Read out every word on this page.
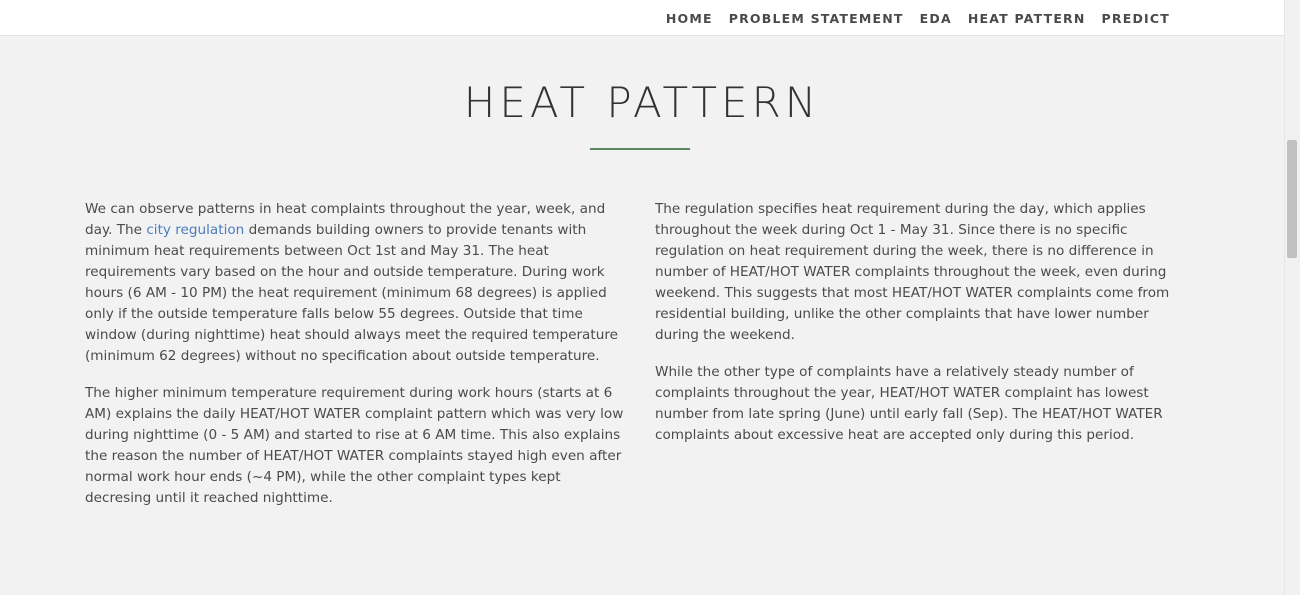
HOME PROBLEM STATEMENT EDA HEAT PATTERN PREDICT
HEAT PATTERN

We can observe patterns in heat complaints throughout the year, week, and day. The city regulation demands building owners to provide tenants with minimum heat requirements between Oct 1st and May 31. The heat requirements vary based on the hour and outside temperature. During work hours (6 AM - 10 PM) the heat requirement (minimum 68 degrees) is applied only if the outside temperature falls below 55 degrees. Outside that time window (during nighttime) heat should always meet the required temperature (minimum 62 degrees) without no specification about outside temperature.

The higher minimum temperature requirement during work hours (starts at 6 AM) explains the daily HEAT/HOT WATER complaint pattern which was very low during nighttime (0 - 5 AM) and started to rise at 6 AM time. This also explains the reason the number of HEAT/HOT WATER complaints stayed high even after normal work hour ends (~4 PM), while the other complaint types kept decresing until it reached nighttime.

The regulation specifies heat requirement during the day, which applies throughout the week during Oct 1 - May 31. Since there is no specific regulation on heat requirement during the week, there is no difference in number of HEAT/HOT WATER complaints throughout the week, even during weekend. This suggests that most HEAT/HOT WATER complaints come from residential building, unlike the other complaints that have lower number during the weekend.

While the other type of complaints have a relatively steady number of complaints throughout the year, HEAT/HOT WATER complaint has lowest number from late spring (June) until early fall (Sep). The HEAT/HOT WATER complaints about excessive heat are accepted only during this period.
